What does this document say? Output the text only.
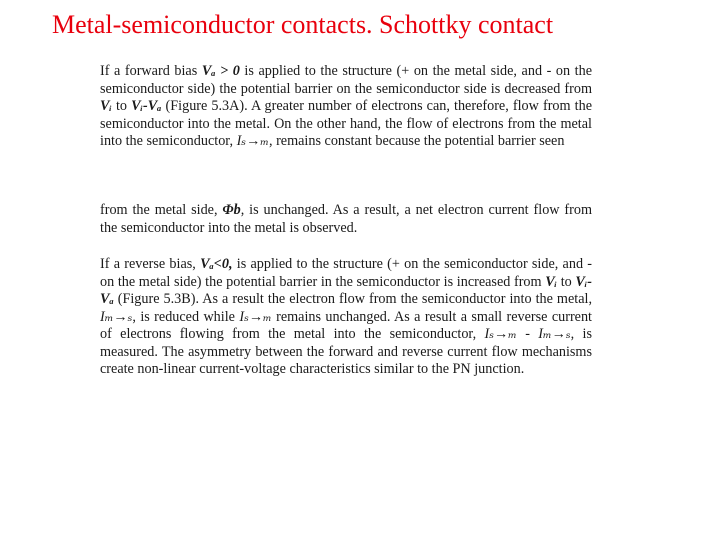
Metal-semiconductor contacts. Schottky contact
If a forward bias Vₐ > 0 is applied to the structure (+ on the metal side, and - on the semiconductor side) the potential barrier on the semiconductor side is decreased from Vᵢ to Vᵢ-Vₐ (Figure 5.3A). A greater number of electrons can, therefore, flow from the semiconductor into the metal. On the other hand, the flow of electrons from the metal into the semiconductor, Iₛ→ₘ, remains constant because the potential barrier seen
from the metal side, Φb, is unchanged. As a result, a net electron current flow from the semiconductor into the metal is observed.
If a reverse bias, Vₐ<0, is applied to the structure (+ on the semiconductor side, and - on the metal side) the potential barrier in the semiconductor is increased from Vᵢ to Vᵢ-Vₐ (Figure 5.3B). As a result the electron flow from the semiconductor into the metal, Iₘ→ₛ, is reduced while Iₛ→ₘ remains unchanged. As a result a small reverse current of electrons flowing from the metal into the semiconductor, Iₛ→ₘ - Iₘ→ₛ, is measured. The asymmetry between the forward and reverse current flow mechanisms create non-linear current-voltage characteristics similar to the PN junction.
